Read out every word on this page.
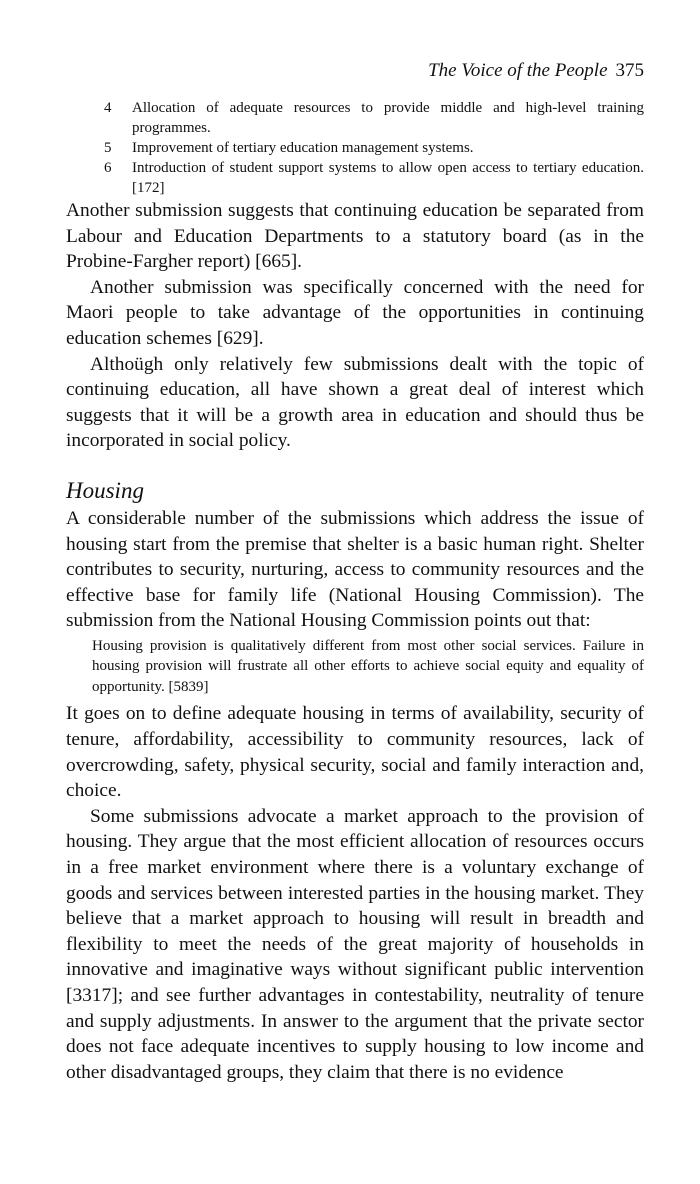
The Voice of the People 375
4 Allocation of adequate resources to provide middle and high-level training programmes.
5 Improvement of tertiary education management systems.
6 Introduction of student support systems to allow open access to tertiary education. [172]

Another submission suggests that continuing education be separated from Labour and Education Departments to a statutory board (as in the Probine-Fargher report) [665].

Another submission was specifically concerned with the need for Maori people to take advantage of the opportunities in continuing education schemes [629].

Althoügh only relatively few submissions dealt with the topic of continuing education, all have shown a great deal of interest which suggests that it will be a growth area in education and should thus be incorporated in social policy.

Housing

A considerable number of the submissions which address the issue of housing start from the premise that shelter is a basic human right. Shelter contributes to security, nurturing, access to community resources and the effective base for family life (National Housing Commission). The submission from the National Housing Commission points out that:

Housing provision is qualitatively different from most other social services. Failure in housing provision will frustrate all other efforts to achieve social equity and equality of opportunity. [5839]

It goes on to define adequate housing in terms of availability, security of tenure, affordability, accessibility to community resources, lack of overcrowding, safety, physical security, social and family interaction and, choice.

Some submissions advocate a market approach to the provision of housing. They argue that the most efficient allocation of resources occurs in a free market environment where there is a voluntary exchange of goods and services between interested parties in the housing market. They believe that a market approach to housing will result in breadth and flexibility to meet the needs of the great majority of households in innovative and imaginative ways without significant public intervention [3317]; and see further advantages in contestability, neutrality of tenure and supply adjustments. In answer to the argument that the private sector does not face adequate incentives to supply housing to low income and other disadvantaged groups, they claim that there is no evidence
